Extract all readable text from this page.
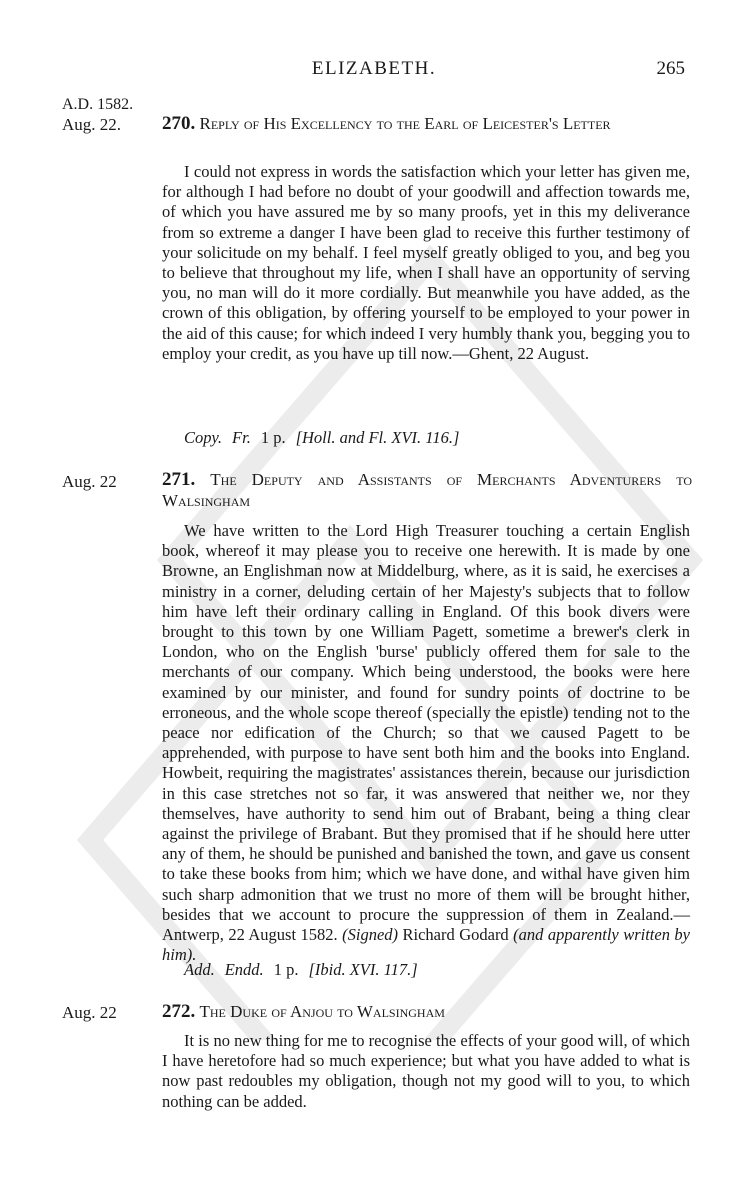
ELIZABETH.	265
A.D. 1582.
Aug. 22. 270. Reply of His Excellency to the Earl of Leicester's Letter

I could not express in words the satisfaction which your letter has given me, for although I had before no doubt of your goodwill and affection towards me, of which you have assured me by so many proofs, yet in this my deliverance from so extreme a danger I have been glad to receive this further testimony of your solicitude on my behalf. I feel myself greatly obliged to you, and beg you to believe that throughout my life, when I shall have an opportunity of serving you, no man will do it more cordially. But meanwhile you have added, as the crown of this obligation, by offering yourself to be employed to your power in the aid of this cause; for which indeed I very humbly thank you, begging you to employ your credit, as you have up till now.—Ghent, 22 August.

Copy. Fr. 1 p. [Holl. and Fl. XVI. 116.]
Aug. 22 271. The Deputy and Assistants of Merchants Adventurers to Walsingham

We have written to the Lord High Treasurer touching a certain English book, whereof it may please you to receive one herewith. It is made by one Browne, an Englishman now at Middelburg, where, as it is said, he exercises a ministry in a corner, deluding certain of her Majesty's subjects that to follow him have left their ordinary calling in England. Of this book divers were brought to this town by one William Pagett, sometime a brewer's clerk in London, who on the English 'burse' publicly offered them for sale to the merchants of our company. Which being understood, the books were here examined by our minister, and found for sundry points of doctrine to be erroneous, and the whole scope thereof (specially the epistle) tending not to the peace nor edification of the Church; so that we caused Pagett to be apprehended, with purpose to have sent both him and the books into England. Howbeit, requiring the magistrates' assistances therein, because our jurisdiction in this case stretches not so far, it was answered that neither we, nor they themselves, have authority to send him out of Brabant, being a thing clear against the privilege of Brabant. But they promised that if he should here utter any of them, he should be punished and banished the town, and gave us consent to take these books from him; which we have done, and withal have given him such sharp admonition that we trust no more of them will be brought hither, besides that we account to procure the suppression of them in Zealand.—Antwerp, 22 August 1582. (Signed) Richard Godard (and apparently written by him).

Add. Endd. 1 p. [Ibid. XVI. 117.]
Aug. 22 272. The Duke of Anjou to Walsingham

It is no new thing for me to recognise the effects of your good will, of which I have heretofore had so much experience; but what you have added to what is now past redoubles my obligation, though not my good will to you, to which nothing can be added.
